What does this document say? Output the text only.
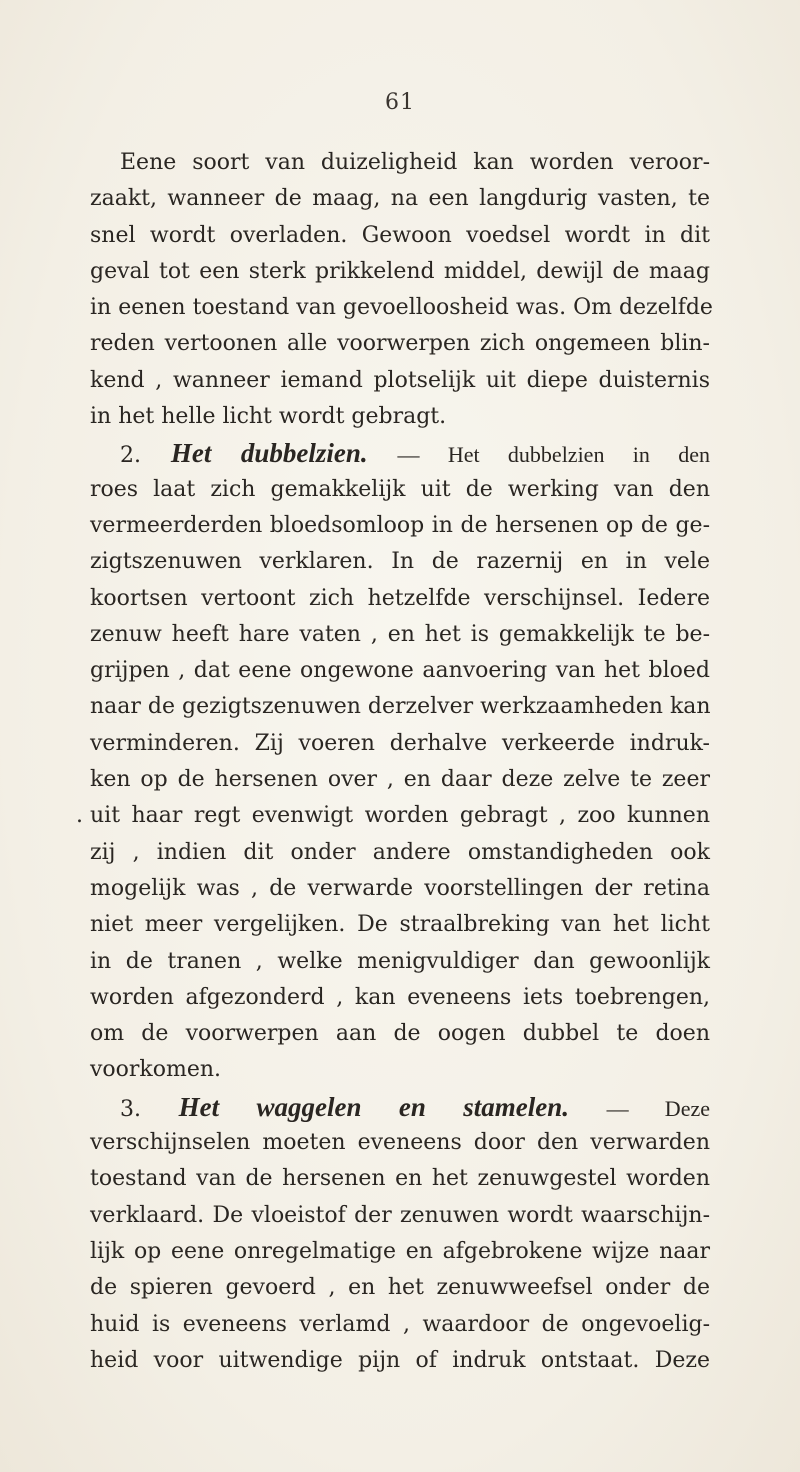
61
Eene soort van duizeligheid kan worden veroor-
zaakt, wanneer de maag, na een langdurig vasten, te
snel wordt overladen. Gewoon voedsel wordt in dit
geval tot een sterk prikkelend middel, dewijl de maag
in eenen toestand van gevoelloosheid was. Om dezelfde
reden vertoonen alle voorwerpen zich ongemeen blin-
kend , wanneer iemand plotselijk uit diepe duisternis
in het helle licht wordt gebragt.
2. Het dubbelzien. — Het dubbelzien in den
roes laat zich gemakkelijk uit de werking van den
vermeerderden bloedsomloop in de hersenen op de ge-
zigtszenuwen verklaren. In de razernij en in vele
koortsen vertoont zich hetzelfde verschijnsel. Iedere
zenuw heeft hare vaten , en het is gemakkelijk te be-
grijpen , dat eene ongewone aanvoering van het bloed
naar de gezigtszenuwen derzelver werkzaamheden kan
verminderen. Zij voeren derhalve verkeerde indruk-
ken op de hersenen over , en daar deze zelve te zeer
. uit haar regt evenwigt worden gebragt , zoo kunnen
zij , indien dit onder andere omstandigheden ook
mogelijk was , de verwarde voorstellingen der retina
niet meer vergelijken. De straalbreking van het licht
in de tranen , welke menigvuldiger dan gewoonlijk
worden afgezonderd , kan eveneens iets toebrengen,
om de voorwerpen aan de oogen dubbel te doen
voorkomen.
3. Het waggelen en stamelen. — Deze
verschijnselen moeten eveneens door den verwarden
toestand van de hersenen en het zenuwgestel worden
verklaard. De vloeistof der zenuwen wordt waarschijn-
lijk op eene onregelmatige en afgebrokene wijze naar
de spieren gevoerd , en het zenuwweefsel onder de
huid is eveneens verlamd , waardoor de ongevoelig-
heid voor uitwendige pijn of indruk ontstaat. Deze
